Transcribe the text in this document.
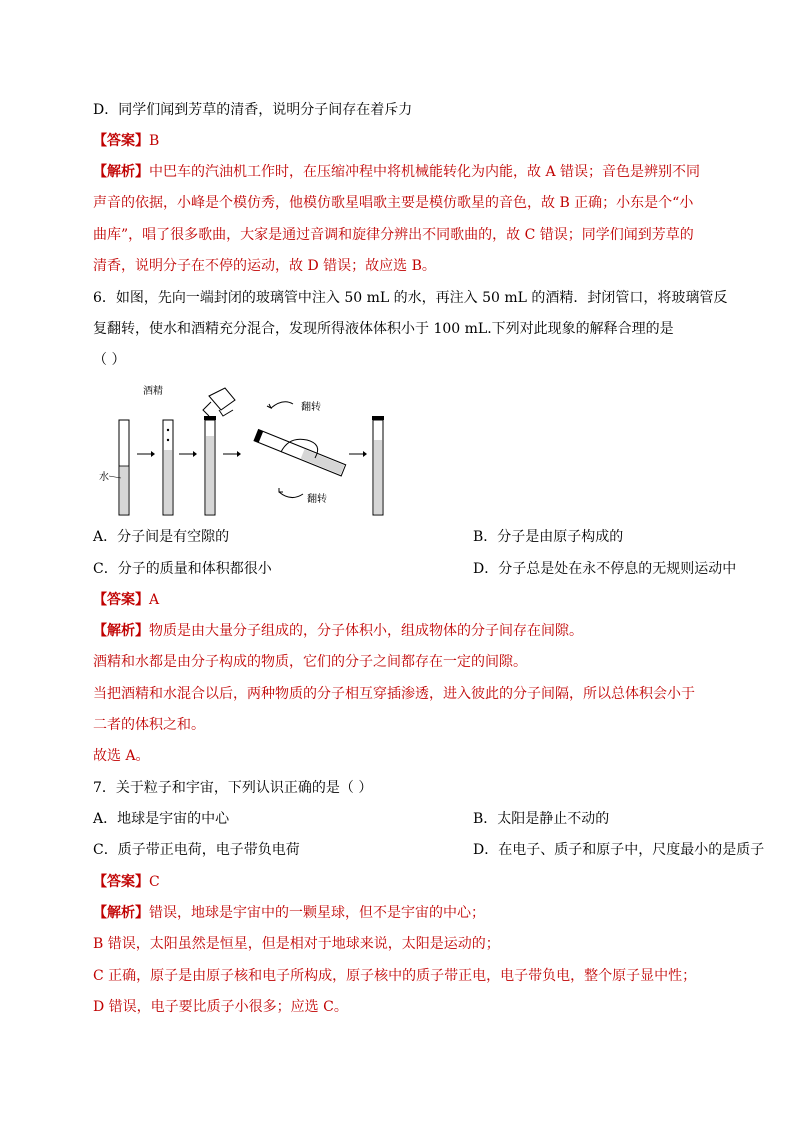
D．同学们闻到芳草的清香，说明分子间存在着斥力
【答案】B
【解析】中巴车的汽油机工作时，在压缩冲程中将机械能转化为内能，故 A 错误；音色是辨别不同
声音的依据，小峰是个模仿秀，他模仿歌星唱歌主要是模仿歌星的音色，故 B 正确；小东是个“小
曲库”，唱了很多歌曲，大家是通过音调和旋律分辨出不同歌曲的，故 C 错误；同学们闻到芳草的
清香，说明分子在不停的运动，故 D 错误；故应选 B。
6．如图，先向一端封闭的玻璃管中注入 50 mL 的水，再注入 50 mL 的酒精．封闭管口，将玻璃管反
复翻转，使水和酒精充分混合，发现所得液体体积小于 100 mL.下列对此现象的解释合理的是
（ ）
酒精
水
翻转
翻转
A．分子间是有空隙的	B．分子是由原子构成的
C．分子的质量和体积都很小	D．分子总是处在永不停息的无规则运动中
【答案】A
【解析】物质是由大量分子组成的，分子体积小，组成物体的分子间存在间隙。
酒精和水都是由分子构成的物质，它们的分子之间都存在一定的间隙。
当把酒精和水混合以后，两种物质的分子相互穿插渗透，进入彼此的分子间隔，所以总体积会小于
二者的体积之和。
故选 A。
7．关于粒子和宇宙，下列认识正确的是（ ）
A．地球是宇宙的中心	B．太阳是静止不动的
C．质子带正电荷，电子带负电荷	D．在电子、质子和原子中，尺度最小的是质子
【答案】C
【解析】错误，地球是宇宙中的一颗星球，但不是宇宙的中心；
B 错误，太阳虽然是恒星，但是相对于地球来说，太阳是运动的；
C 正确，原子是由原子核和电子所构成，原子核中的质子带正电，电子带负电，整个原子显中性；
D 错误，电子要比质子小很多；应选 C。
